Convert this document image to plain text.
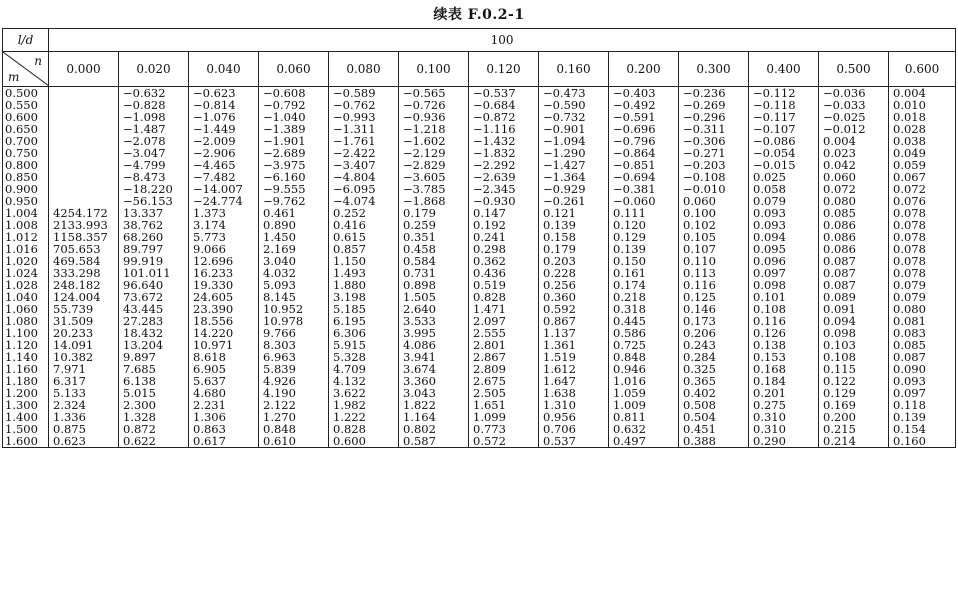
续表 F.0.2-1
l/d	100												

n
m	0.000	0.020	0.040	0.060	0.080	0.100	0.120	0.160	0.200	0.300	0.400	0.500	0.600
0.500		−0.632	−0.623	−0.608	−0.589	−0.565	−0.537	−0.473	−0.403	−0.236	−0.112	−0.036	0.004
0.550		−0.828	−0.814	−0.792	−0.762	−0.726	−0.684	−0.590	−0.492	−0.269	−0.118	−0.033	0.010
0.600		−1.098	−1.076	−1.040	−0.993	−0.936	−0.872	−0.732	−0.591	−0.296	−0.117	−0.025	0.018
0.650		−1.487	−1.449	−1.389	−1.311	−1.218	−1.116	−0.901	−0.696	−0.311	−0.107	−0.012	0.028
0.700		−2.078	−2.009	−1.901	−1.761	−1.602	−1.432	−1.094	−0.796	−0.306	−0.086	0.004	0.038
0.750		−3.047	−2.906	−2.689	−2.422	−2.129	−1.832	−1.290	−0.864	−0.271	−0.054	0.023	0.049
0.800		−4.799	−4.465	−3.975	−3.407	−2.829	−2.292	−1.427	−0.851	−0.203	−0.015	0.042	0.059
0.850		−8.473	−7.482	−6.160	−4.804	−3.605	−2.639	−1.364	−0.694	−0.108	0.025	0.060	0.067
0.900		−18.220	−14.007	−9.555	−6.095	−3.785	−2.345	−0.929	−0.381	−0.010	0.058	0.072	0.072
0.950		−56.153	−24.774	−9.762	−4.074	−1.868	−0.930	−0.261	−0.060	0.060	0.079	0.080	0.076
1.004	4254.172	13.337	1.373	0.461	0.252	0.179	0.147	0.121	0.111	0.100	0.093	0.085	0.078
1.008	2133.993	38.762	3.174	0.890	0.416	0.259	0.192	0.139	0.120	0.102	0.093	0.086	0.078
1.012	1158.357	68.260	5.773	1.450	0.615	0.351	0.241	0.158	0.129	0.105	0.094	0.086	0.078
1.016	705.653	89.797	9.066	2.169	0.857	0.458	0.298	0.179	0.139	0.107	0.095	0.086	0.078
1.020	469.584	99.919	12.696	3.040	1.150	0.584	0.362	0.203	0.150	0.110	0.096	0.087	0.078
1.024	333.298	101.011	16.233	4.032	1.493	0.731	0.436	0.228	0.161	0.113	0.097	0.087	0.078
1.028	248.182	96.640	19.330	5.093	1.880	0.898	0.519	0.256	0.174	0.116	0.098	0.087	0.079
1.040	124.004	73.672	24.605	8.145	3.198	1.505	0.828	0.360	0.218	0.125	0.101	0.089	0.079
1.060	55.739	43.445	23.390	10.952	5.185	2.640	1.471	0.592	0.318	0.146	0.108	0.091	0.080
1.080	31.509	27.283	18.556	10.978	6.195	3.533	2.097	0.867	0.445	0.173	0.116	0.094	0.081
1.100	20.233	18.432	14.220	9.766	6.306	3.995	2.555	1.137	0.586	0.206	0.126	0.098	0.083
1.120	14.091	13.204	10.971	8.303	5.915	4.086	2.801	1.361	0.725	0.243	0.138	0.103	0.085
1.140	10.382	9.897	8.618	6.963	5.328	3.941	2.867	1.519	0.848	0.284	0.153	0.108	0.087
1.160	7.971	7.685	6.905	5.839	4.709	3.674	2.809	1.612	0.946	0.325	0.168	0.115	0.090
1.180	6.317	6.138	5.637	4.926	4.132	3.360	2.675	1.647	1.016	0.365	0.184	0.122	0.093
1.200	5.133	5.015	4.680	4.190	3.622	3.043	2.505	1.638	1.059	0.402	0.201	0.129	0.097
1.300	2.324	2.300	2.231	2.122	1.982	1.822	1.651	1.310	1.009	0.508	0.275	0.169	0.118
1.400	1.336	1.328	1.306	1.270	1.222	1.164	1.099	0.956	0.811	0.504	0.310	0.200	0.139
1.500	0.875	0.872	0.863	0.848	0.828	0.802	0.773	0.706	0.632	0.451	0.310	0.215	0.154
1.600	0.623	0.622	0.617	0.610	0.600	0.587	0.572	0.537	0.497	0.388	0.290	0.214	0.160
